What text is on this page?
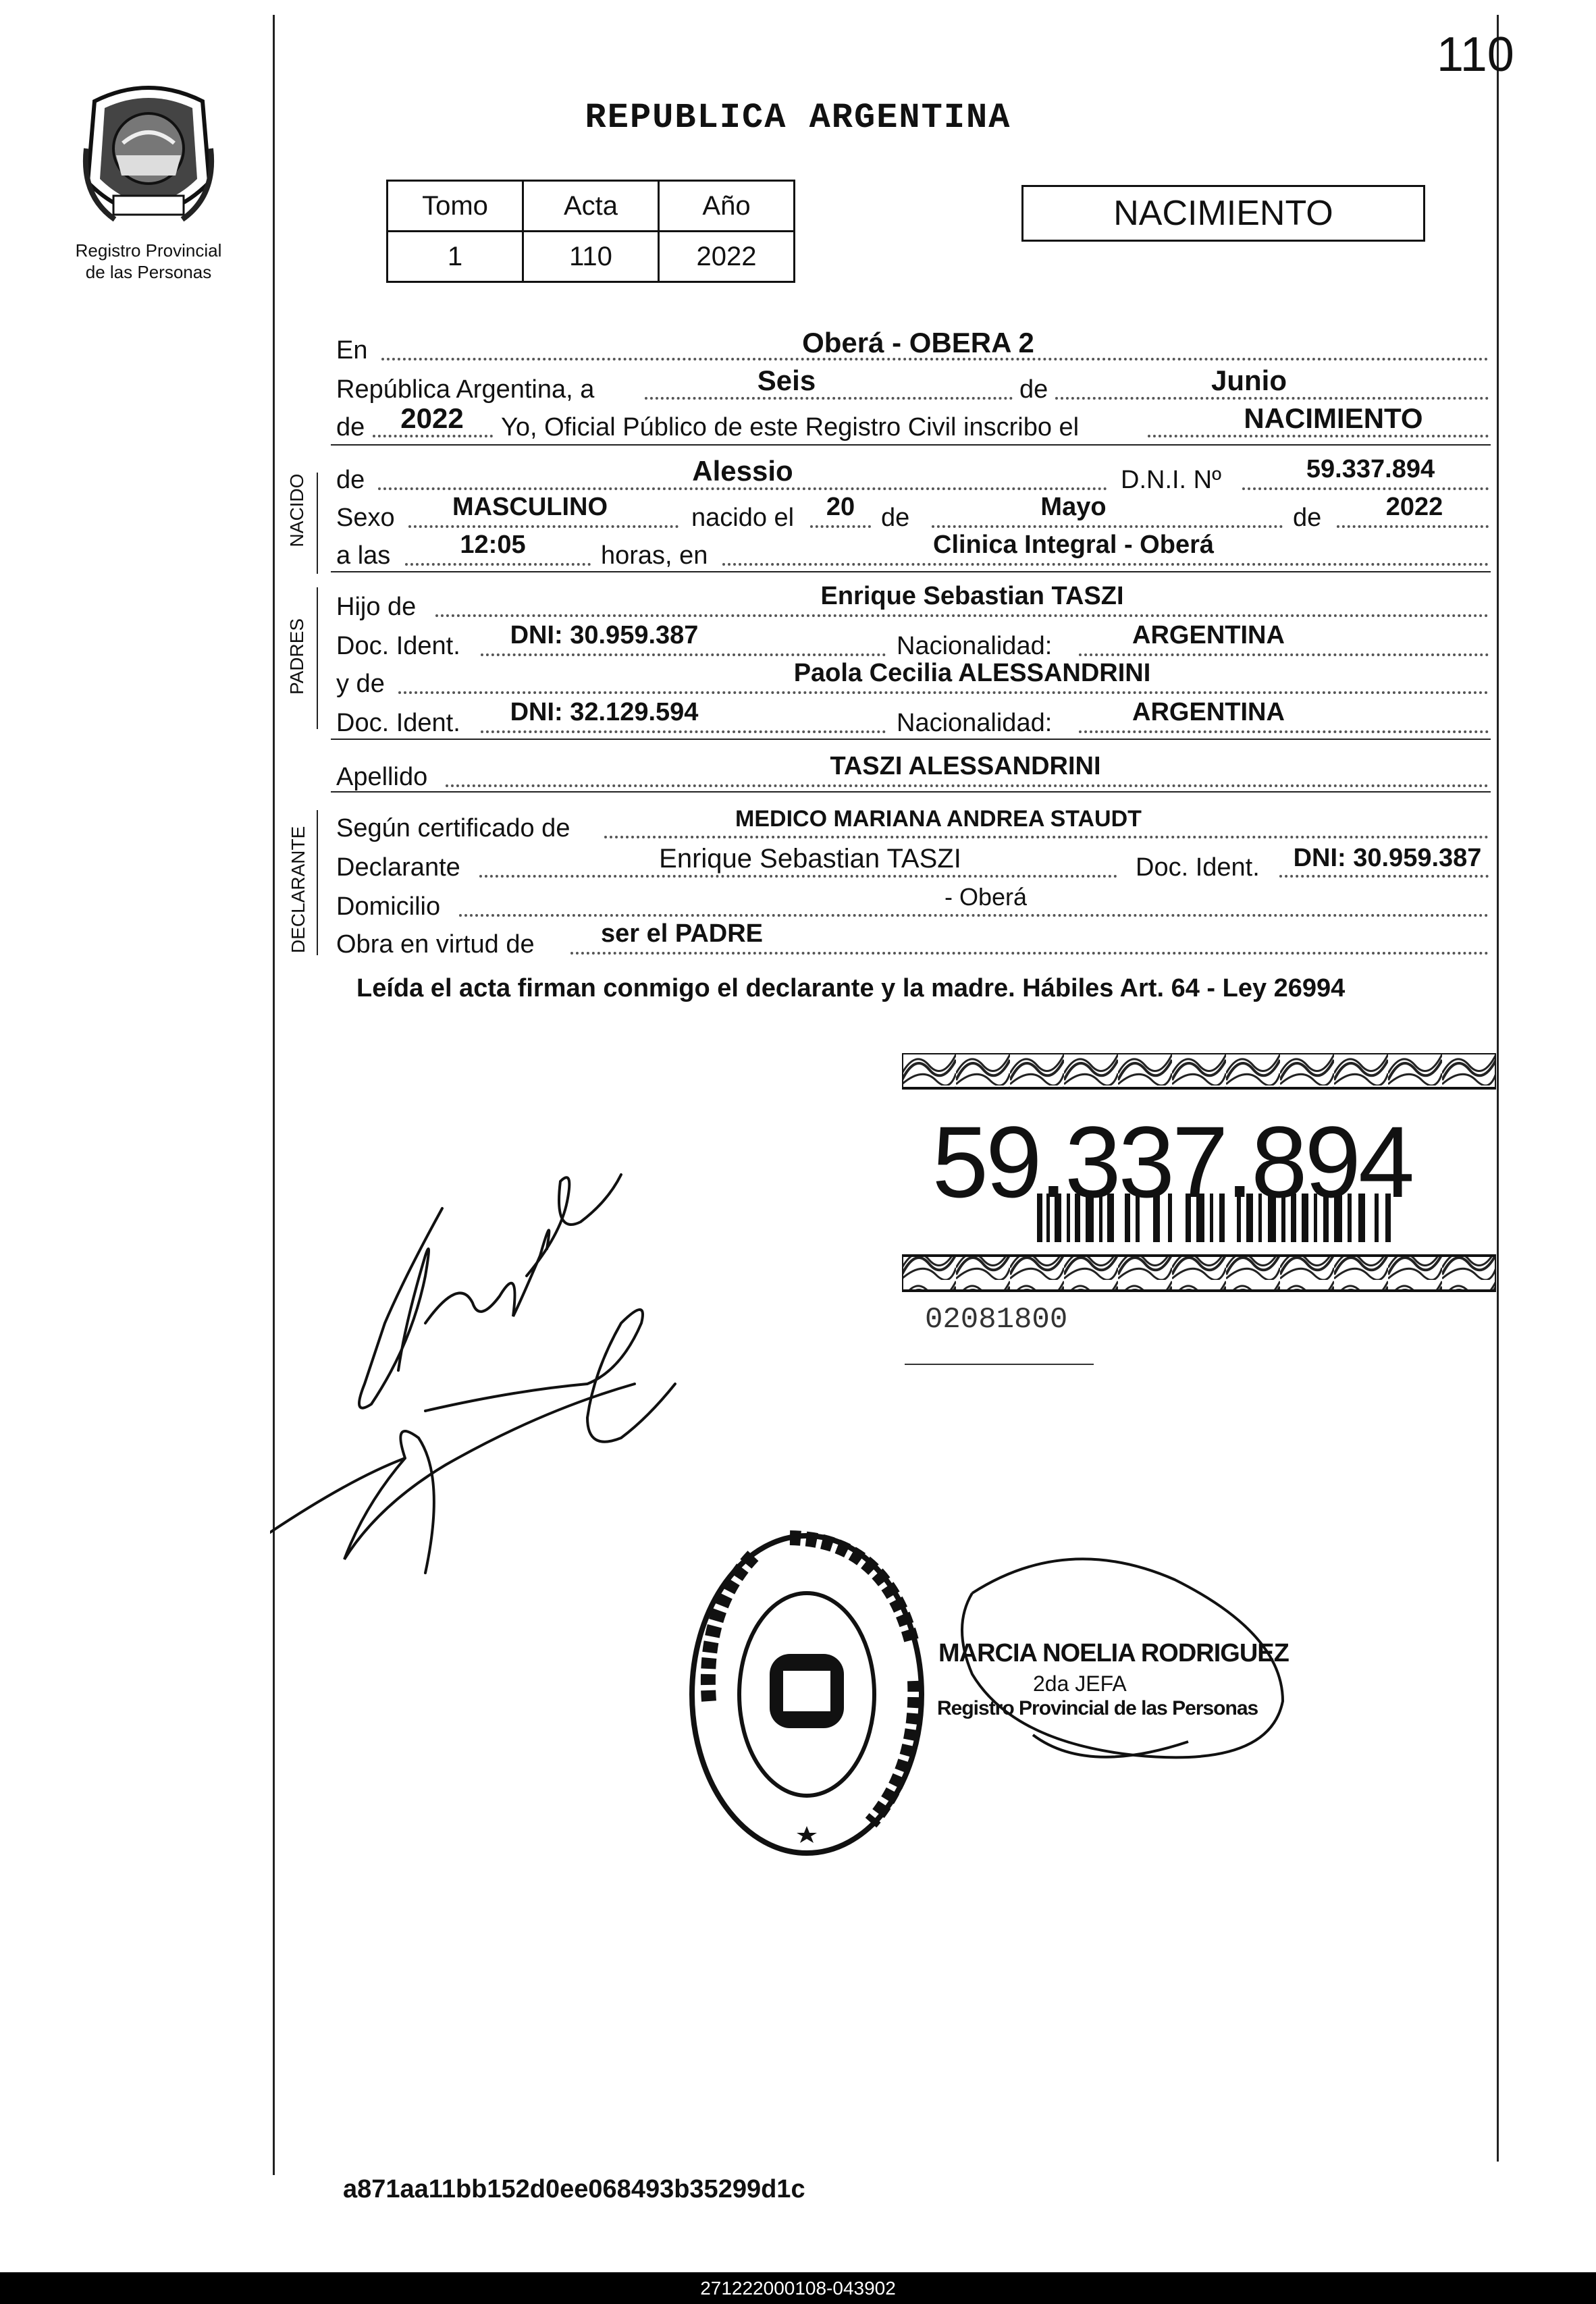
110
REPUBLICA ARGENTINA
Registro Provincial
de las Personas
Tomo	Acta	Año
1	110	2022
NACIMIENTO
En	Oberá - OBERA 2
República Argentina, a	Seis	de	Junio
de	2022	Yo, Oficial Público de este Registro Civil inscribo el	NACIMIENTO
NACIDO de	Alessio	D.N.I. Nº	59.337.894
Sexo	MASCULINO	nacido el	20	de	Mayo	de	2022
a las	12:05	horas, en	Clinica Integral - Oberá
PADRES
Hijo de	Enrique Sebastian TASZI
Doc. Ident.	DNI: 30.959.387	Nacionalidad:	ARGENTINA
y de	Paola Cecilia ALESSANDRINI
Doc. Ident.	DNI: 32.129.594	Nacionalidad:	ARGENTINA
Apellido	TASZI ALESSANDRINI
DECLARANTE Según certificado de	MEDICO MARIANA ANDREA STAUDT
Declarante	Enrique Sebastian TASZI	Doc. Ident.	DNI: 30.959.387
Domicilio	- Oberá
Obra en virtud de	ser el PADRE
Leída el acta firman conmigo el declarante y la madre. Hábiles Art. 64 - Ley 26994
59.337.894
02081800
MARCIA NOELIA RODRIGUEZ
2da JEFA
Registro Provincial de las Personas
a871aa11bb152d0ee068493b35299d1c
271222000108-043902
